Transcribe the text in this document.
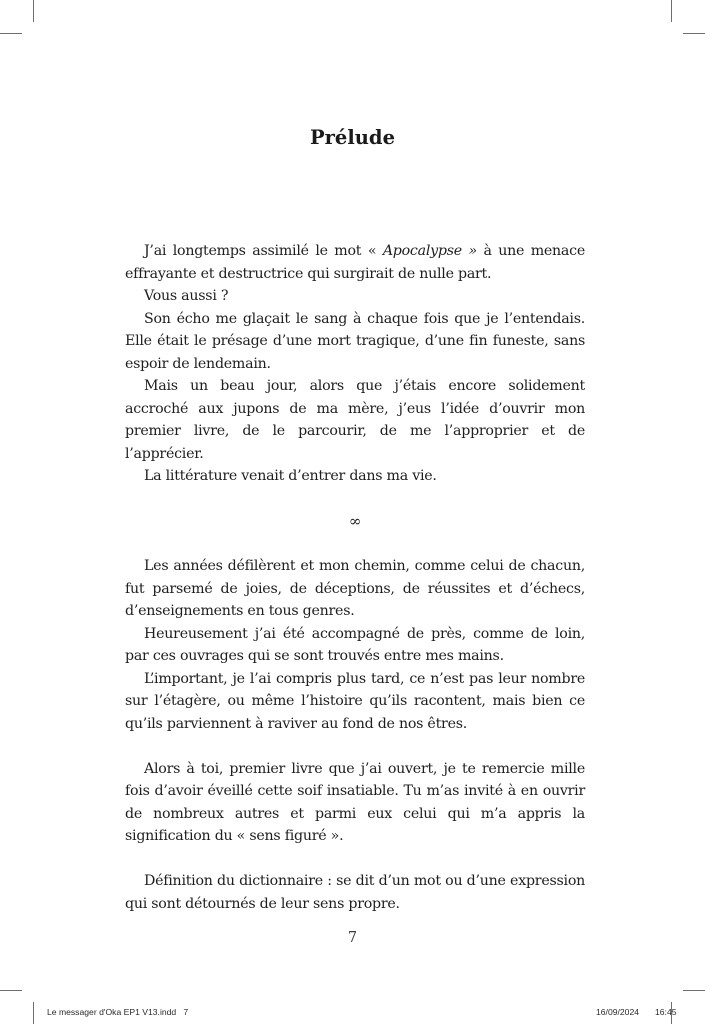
Prélude

J’ai longtemps assimilé le mot « Apocalypse » à une menace effrayante et destructrice qui surgirait de nulle part.

Vous aussi ?

Son écho me glaçait le sang à chaque fois que je l’entendais. Elle était le présage d’une mort tragique, d’une fin funeste, sans espoir de lendemain.

Mais un beau jour, alors que j’étais encore solidement accroché aux jupons de ma mère, j’eus l’idée d’ouvrir mon premier livre, de le parcourir, de me l’approprier et de l’apprécier.

La littérature venait d’entrer dans ma vie.

∞

Les années défilèrent et mon chemin, comme celui de chacun, fut parsemé de joies, de déceptions, de réussites et d’échecs, d’enseignements en tous genres.

Heureusement j’ai été accompagné de près, comme de loin, par ces ouvrages qui se sont trouvés entre mes mains.

L’important, je l’ai compris plus tard, ce n’est pas leur nombre sur l’étagère, ou même l’histoire qu’ils racontent, mais bien ce qu’ils parviennent à raviver au fond de nos êtres.

Alors à toi, premier livre que j’ai ouvert, je te remercie mille fois d’avoir éveillé cette soif insatiable. Tu m’as invité à en ouvrir de nombreux autres et parmi eux celui qui m’a appris la signification du « sens figuré ».

Définition du dictionnaire : se dit d’un mot ou d’une expression qui sont détournés de leur sens propre.

7
Le messager d'Oka EP1 V13.indd   7	16/09/2024 16:45
